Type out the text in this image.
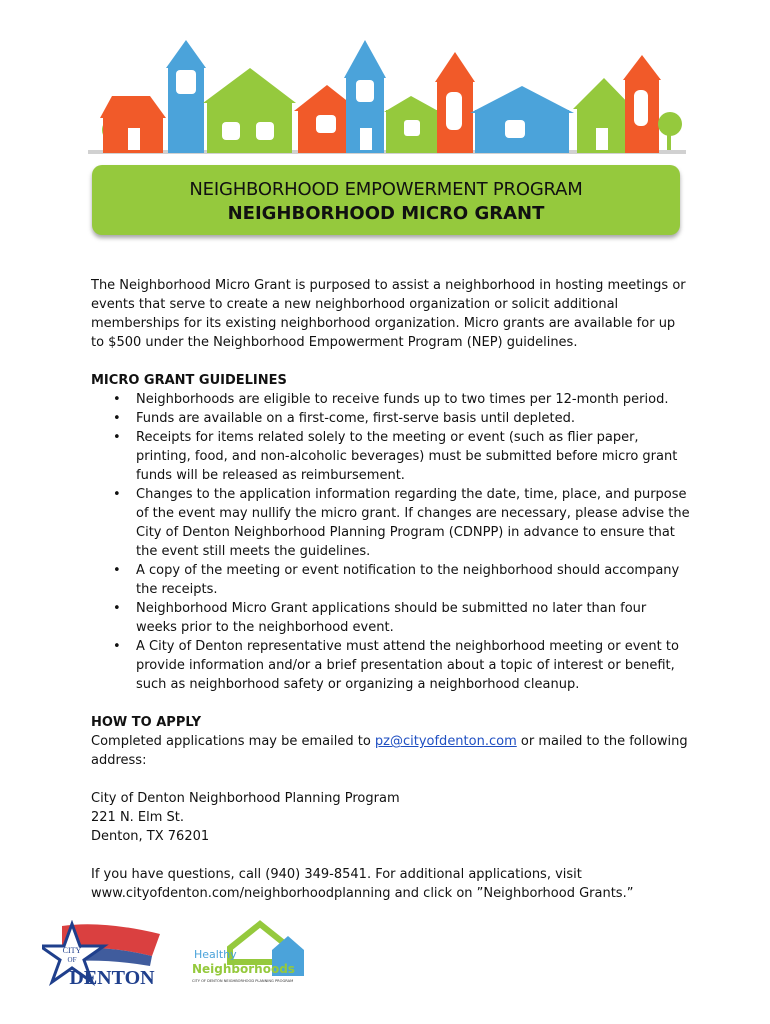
NEIGHBORHOOD EMPOWERMENT PROGRAM
NEIGHBORHOOD MICRO GRANT

The Neighborhood Micro Grant is purposed to assist a neighborhood in hosting meetings or events that serve to create a new neighborhood organization or solicit additional memberships for its existing neighborhood organization. Micro grants are available for up to $500 under the Neighborhood Empowerment Program (NEP) guidelines.

MICRO GRANT GUIDELINES

• Neighborhoods are eligible to receive funds up to two times per 12-month period.
• Funds are available on a first-come, first-serve basis until depleted.
• Receipts for items related solely to the meeting or event (such as flier paper, printing, food, and non-alcoholic beverages) must be submitted before micro grant funds will be released as reimbursement.
• Changes to the application information regarding the date, time, place, and purpose of the event may nullify the micro grant. If changes are necessary, please advise the City of Denton Neighborhood Planning Program (CDNPP) in advance to ensure that the event still meets the guidelines.
• A copy of the meeting or event notification to the neighborhood should accompany the receipts.
• Neighborhood Micro Grant applications should be submitted no later than four weeks prior to the neighborhood event.
• A City of Denton representative must attend the neighborhood meeting or event to provide information and/or a brief presentation about a topic of interest or benefit, such as neighborhood safety or organizing a neighborhood cleanup.

HOW TO APPLY

Completed applications may be emailed to pz@cityofdenton.com or mailed to the following address:

City of Denton Neighborhood Planning Program

221 N. Elm St.

Denton, TX 76201

If you have questions, call (940) 349-8541. For additional applications, visit

www.cityofdenton.com/neighborhoodplanning and click on ”Neighborhood Grants.”

CITY
OF
DENTON
Healthy
Neighborhoods
CITY OF DENTON NEIGHBORHOOD PLANNING PROGRAM
